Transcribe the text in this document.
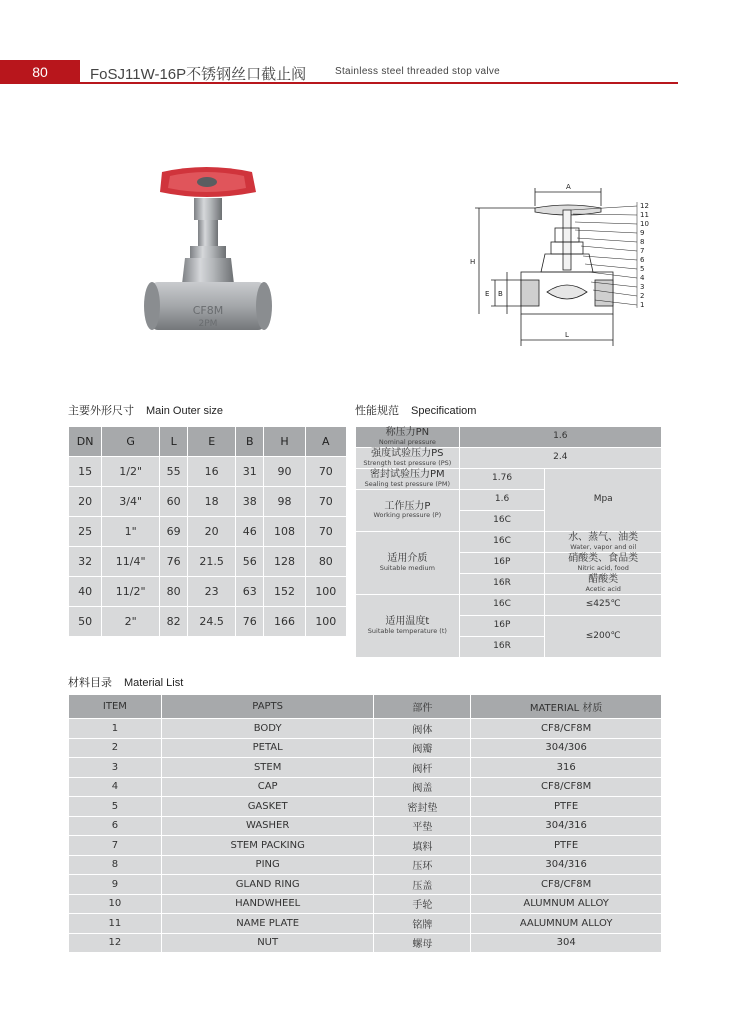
80	FoSJ11W-16P不锈钢丝口截止阀	Stainless steel threaded stop valve
CF8M
2PM
A
H
E B
L
12
11
10
9
8
7
6
5
4
3
2
1
主要外形尺寸 Main Outer size	性能规范 Specificatiom
材料目录 Material List
DN	G	L	E	B	H	A
15	1/2"	55	16	31	90	70
20	3/4"	60	18	38	98	70
25	1"	69	20	46	108	70
32	11/4"	76	21.5	56	128	80
40	11/2"	80	23	63	152	100
50	2"	82	24.5	76	166	100
称压力PN
Nominal pressure	1.6	

强度试验压力PS
Strength test pressure (PS)	2.4	

密封试验压力PM
Sealing test pressure (PM)	1.76	Mpa

工作压力P
Working pressure (P)	1.6	
	16C	

适用介质
Suitable medium	16C	水、蒸气、油类
Water, vapor and oil

	16P	硝酸类、食品类
Nitric acid, food

	16R	醋酸类
Acetic acid

适用温度t
Suitable temperature (t)	16C	≤425℃
	16P	≤200℃
	16R	
ITEM	PAPTS	部件	MATERIAL 材质
1	BODY	阀体	CF8/CF8M
2	PETAL	阀瓣	304/306
3	STEM	阀杆	316
4	CAP	阀盖	CF8/CF8M
5	GASKET	密封垫	PTFE
6	WASHER	平垫	304/316
7	STEM PACKING	填料	PTFE
8	PING	压环	304/316
9	GLAND RING	压盖	CF8/CF8M
10	HANDWHEEL	手轮	ALUMNUM ALLOY
11	NAME PLATE	铭牌	AALUMNUM ALLOY
12	NUT	螺母	304
